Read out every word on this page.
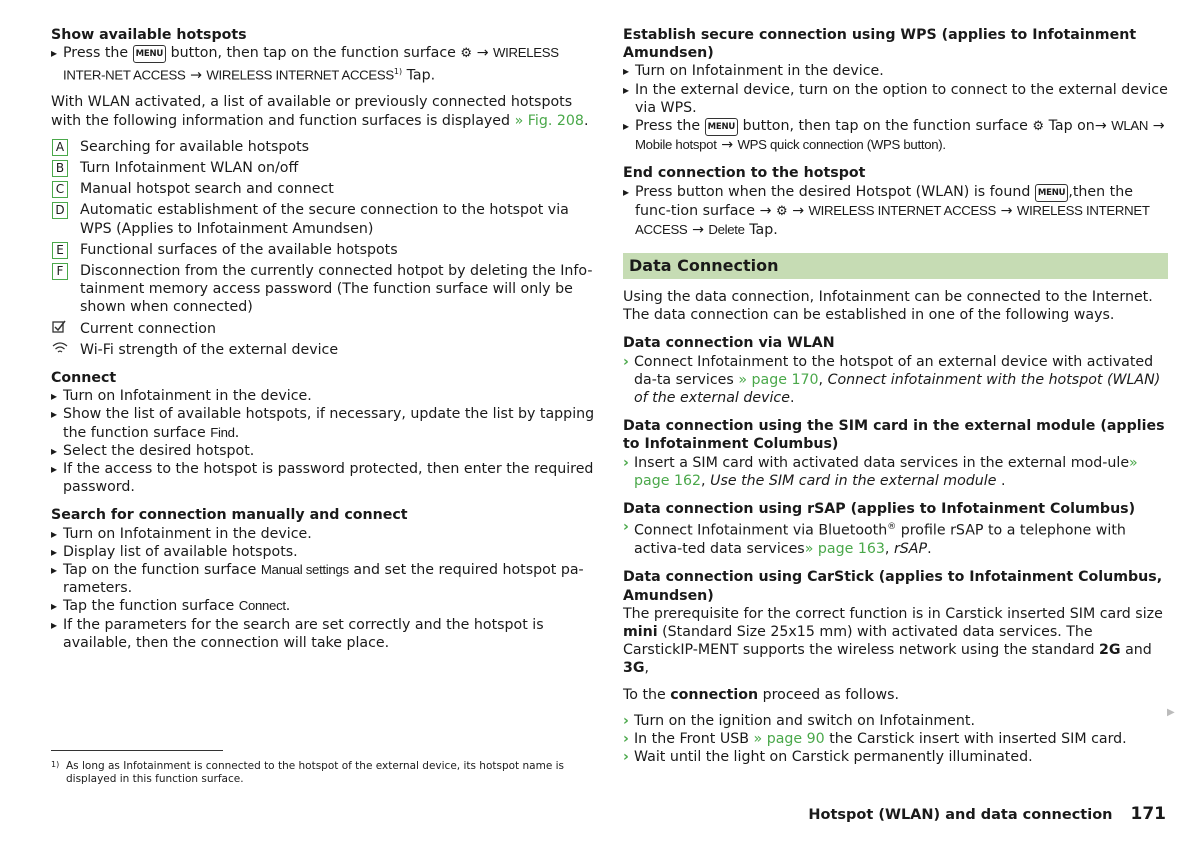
Show available hotspots

▸ Press the MENU button, then tap on the function surface ⚙ → WIRELESS INTER-NET ACCESS → WIRELESS INTERNET ACCESS$^{1)}$ Tap.

With WLAN activated, a list of available or previously connected hotspots with the following information and function surfaces is displayed » Fig. 208.

A Searching for available hotspots
B Turn Infotainment WLAN on/off
C Manual hotspot search and connect
D Automatic establishment of the secure connection to the hotspot via WPS (Applies to Infotainment Amundsen)
E Functional surfaces of the available hotspots
F	Disconnection from the currently connected hotpot by deleting the Info-tainment memory access password (The function surface will only be shown when connected)
Current connection
Wi-Fi strength of the external device

Connect

▸ Turn on Infotainment in the device.

▸ Show the list of available hotspots, if necessary, update the list by tapping the function surface Find.

▸ Select the desired hotspot.

▸ If the access to the hotspot is password protected, then enter the required password.

Search for connection manually and connect

▸ Turn on Infotainment in the device.

▸ Display list of available hotspots.

▸ Tap on the function surface Manual settings and set the required hotspot pa-rameters.

▸ Tap the function surface Connect.

▸ If the parameters for the search are set correctly and the hotspot is available, then the connection will take place.

Establish secure connection using WPS (applies to Infotainment Amundsen)

▸ Turn on Infotainment in the device.

▸ In the external device, turn on the option to connect to the external device via WPS.

▸ Press the MENU button, then tap on the function surface ⚙ Tap on→ WLAN → Mobile hotspot → WPS quick connection (WPS button).

End connection to the hotspot

▸ Press button when the desired Hotspot (WLAN) is found MENU ,then the func-tion surface → ⚙ → WIRELESS INTERNET ACCESS → WIRELESS INTERNET ACCESS → Delete Tap.

Data Connection

Using the data connection, Infotainment can be connected to the Internet. The data connection can be established in one of the following ways.

Data connection via WLAN

› Connect Infotainment to the hotspot of an external device with activated da-ta services » page 170, Connect infotainment with the hotspot (WLAN) of the external device.

Data connection using the SIM card in the external module (applies to Infotainment Columbus)

› Insert a SIM card with activated data services in the external mod-ule» page 162, Use the SIM card in the external module .

Data connection using rSAP (applies to Infotainment Columbus)

› Connect Infotainment via Bluetooth® profile rSAP to a telephone with activa-ted data services» page 163, rSAP.

Data connection using CarStick (applies to Infotainment Columbus, Amundsen)

The prerequisite for the correct function is in Carstick inserted SIM card size mini (Standard Size 25x15 mm) with activated data services. The CarstickIP-MENT supports the wireless network using the standard 2G and 3G,

To the connection proceed as follows.

› Turn on the ignition and switch on Infotainment.

› In the Front USB » page 90 the Carstick insert with inserted SIM card.

› Wait until the light on Carstick permanently illuminated.

▶
1) As long as Infotainment is connected to the hotspot of the external device, its hotspot name is displayed in this function surface.
Hotspot (WLAN) and data connection 171
